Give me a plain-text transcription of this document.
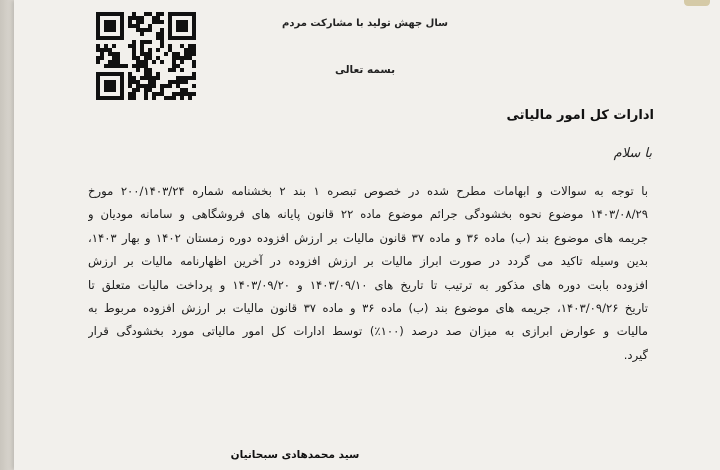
سال جهش تولید با مشارکت مردم
بسمه تعالی
ادارات کل امور مالیاتی
با سلام
با توجه به سوالات و ابهامات مطرح شده در خصوص تبصره ۱ بند ۲ بخشنامه شماره ۲۰۰/۱۴۰۳/۲۴ مورخ
۱۴۰۳/۰۸/۲۹ موضوع نحوه بخشودگی جرائم موضوع ماده ۲۲ قانون پایانه های فروشگاهی و سامانه مودیان و
جریمه های موضوع بند (ب) ماده ۳۶ و ماده ۳۷ قانون مالیات بر ارزش افزوده دوره زمستان ۱۴۰۲ و بهار ۱۴۰۳،
بدین وسیله تاکید می گردد در صورت ابراز مالیات بر ارزش افزوده در آخرین اظهارنامه مالیات بر ارزش
افزوده بابت دوره های مذکور به ترتیب تا تاریخ های ۱۴۰۳/۰۹/۱۰ و ۱۴۰۳/۰۹/۲۰ و پرداخت مالیات متعلق تا
تاریخ ۱۴۰۳/۰۹/۲۶، جریمه های موضوع بند (ب) ماده ۳۶ و ماده ۳۷ قانون مالیات بر ارزش افزوده مربوط به
مالیات و عوارض ابرازی به میزان صد درصد (۱۰۰٪) توسط ادارات کل امور مالیاتی مورد بخشودگی قرار
گیرد.
سید محمدهادی سبحانیان
